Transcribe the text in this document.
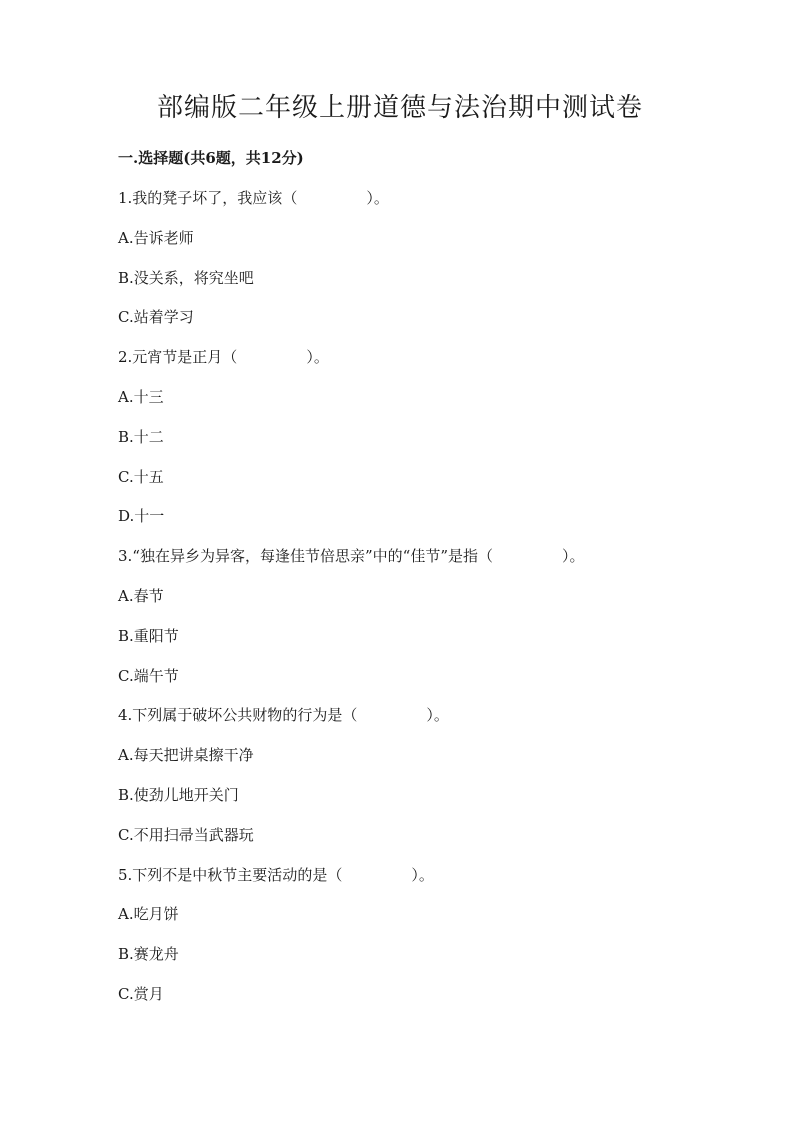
部编版二年级上册道德与法治期中测试卷
一.选择题(共6题，共12分)
1.我的凳子坏了，我应该（	）。
A.告诉老师
B.没关系，将究坐吧
C.站着学习
2.元宵节是正月（	）。
A.十三
B.十二
C.十五
D.十一
3.“独在异乡为异客，每逢佳节倍思亲”中的“佳节”是指（	）。
A.春节
B.重阳节
C.端午节
4.下列属于破坏公共财物的行为是（	）。
A.每天把讲桌擦干净
B.使劲儿地开关门
C.不用扫帚当武器玩
5.下列不是中秋节主要活动的是（	）。
A.吃月饼
B.赛龙舟
C.赏月
